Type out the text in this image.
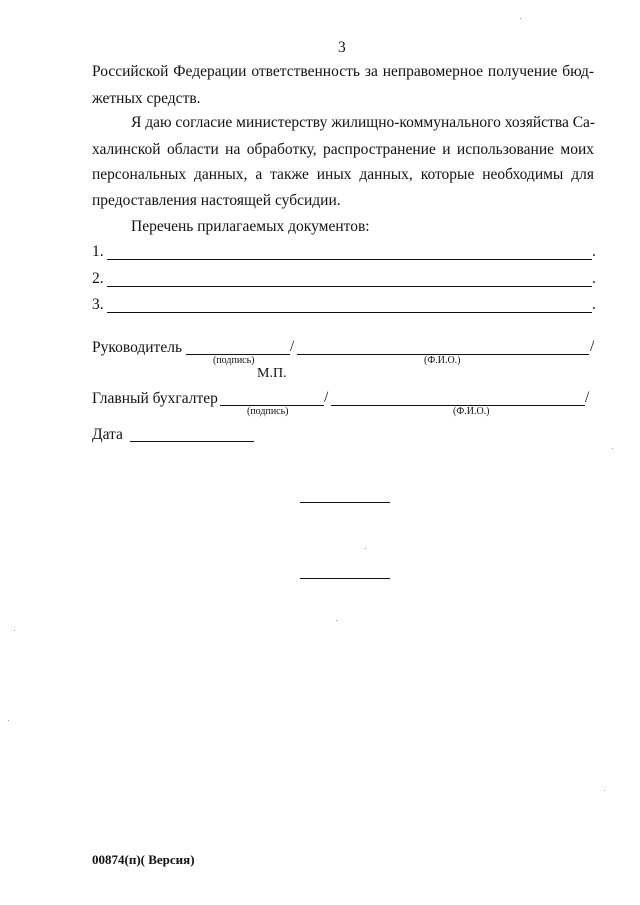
3
Российской Федерации ответственность за неправомерное получение бюд-
жетных средств.
Я даю согласие министерству жилищно-коммунального хозяйства Са-
халинской области на обработку, распространение и использование моих
персональных данных, а также иных данных, которые необходимы для
предоставления настоящей субсидии.
Перечень прилагаемых документов:
1.	.
2.	.
3.	.
Руководитель	/	/
(подпись)	(Ф.И.О.)
М.П.
Главный бухгалтер	/	/
(подпись)	(Ф.И.О.)
Дата
00874(п)( Версия)
